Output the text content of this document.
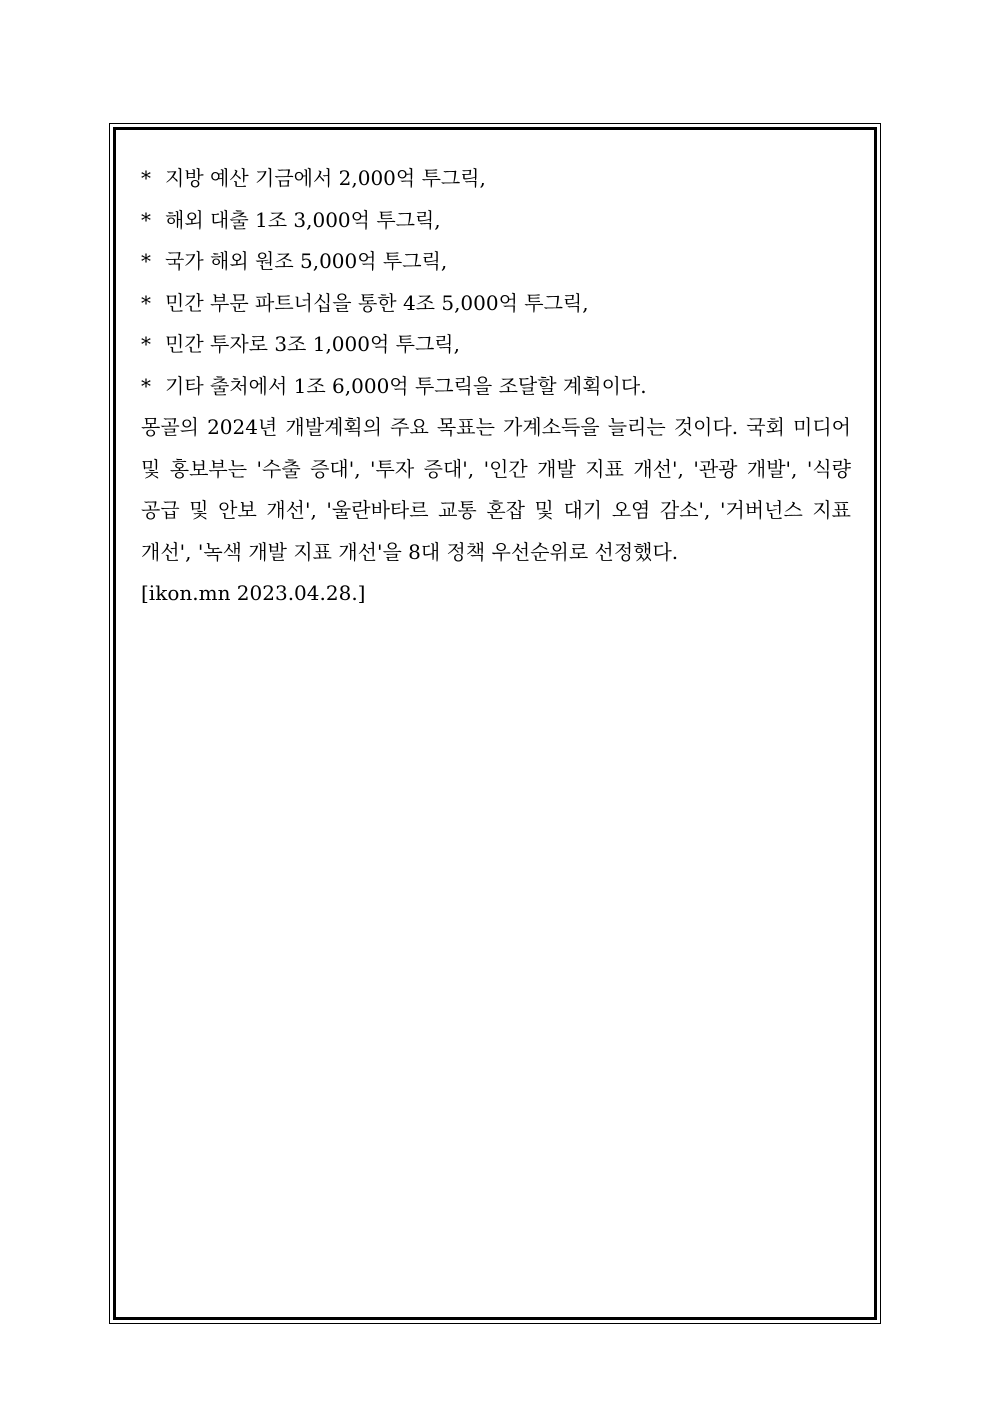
* 지방 예산 기금에서 2,000억 투그릭,
* 해외 대출 1조 3,000억 투그릭,
* 국가 해외 원조 5,000억 투그릭,
* 민간 부문 파트너십을 통한 4조 5,000억 투그릭,
* 민간 투자로 3조 1,000억 투그릭,
* 기타 출처에서 1조 6,000억 투그릭을 조달할 계획이다.

몽골의 2024년 개발계획의 주요 목표는 가계소득을 늘리는 것이다. 국회 미디어 및 홍보부는 '수출 증대', '투자 증대', '인간 개발 지표 개선', '관광 개발', '식량 공급 및 안보 개선', '울란바타르 교통 혼잡 및 대기 오염 감소', '거버넌스 지표 개선', '녹색 개발 지표 개선'을 8대 정책 우선순위로 선정했다.

[ikon.mn 2023.04.28.]
